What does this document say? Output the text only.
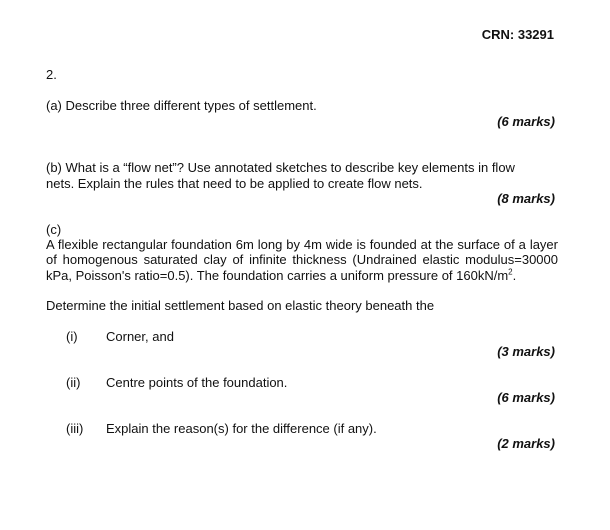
CRN: 33291
2.
(a) Describe three different types of settlement.
(6 marks)
(b) What is a “flow net”? Use annotated sketches to describe key elements in flow
nets. Explain the rules that need to be applied to create flow nets.
(8 marks)
(c)
A flexible rectangular foundation 6m long by 4m wide is founded at the surface of a layer
of homogenous saturated clay of infinite thickness (Undrained elastic modulus=30000
kPa, Poisson's ratio=0.5). The foundation carries a uniform pressure of $160kN/m^2$.
Determine the initial settlement based on elastic theory beneath the
(i) Corner, and
(3 marks)
(ii) Centre points of the foundation.
(6 marks)
(iii) Explain the reason(s) for the difference (if any).
(2 marks)
